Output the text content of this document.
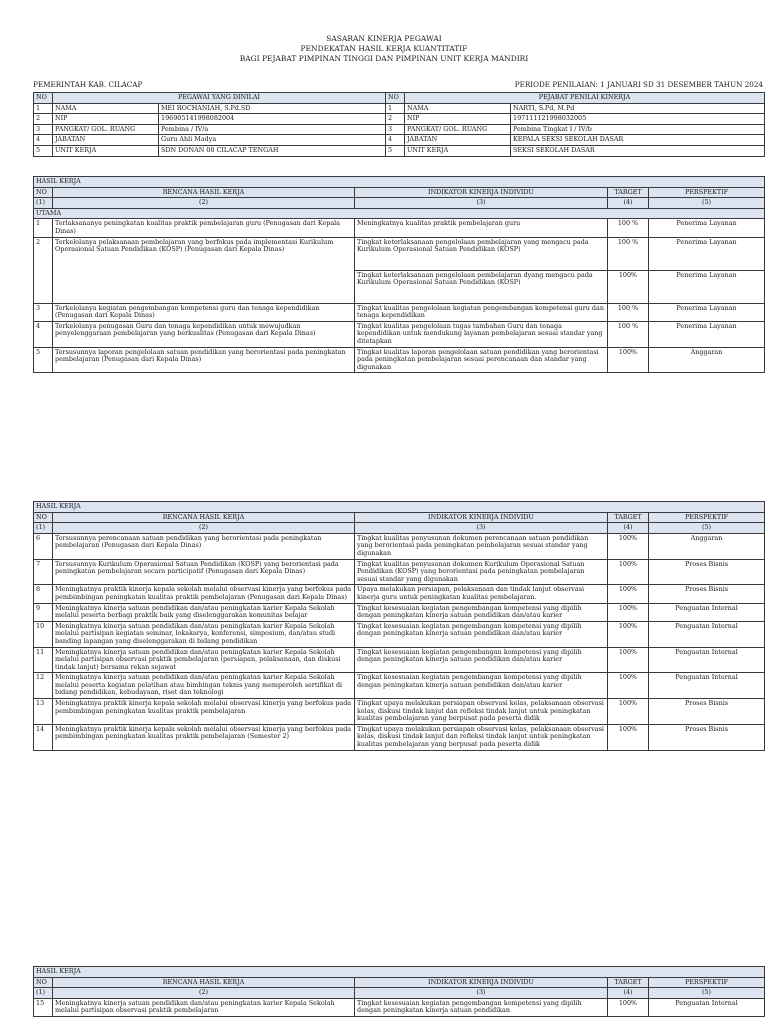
SASARAN KINERJA PEGAWAI
PENDEKATAN HASIL KERJA KUANTITATIF
BAGI PEJABAT PIMPINAN TINGGI DAN PIMPINAN UNIT KERJA MANDIRI
PEMERINTAH KAB. CILACAP	PERIODE PENILAIAN: 1 JANUARI SD 31 DESEMBER TAHUN 2024
NO	PEGAWAI YANG DINILAI		NO	PEJABAT PENILAI KINERJA	
1	NAMA	MEI ROCHANIAH, S.Pd.SD	1	NAMA	NARTI, S.Pd, M.Pd
2	NIP	196905141998082004	2	NIP	197111121998032005
3	PANGKAT/ GOL. RUANG	Pembina / IV/a	3	PANGKAT/ GOL. RUANG	Pembina Tingkat I / IV/b
4	JABATAN	Guru Ahli Madya	4	JABATAN	KEPALA SEKSI SEKOLAH DASAR
5	UNIT KERJA	SDN DONAN 08 CILACAP TENGAH	5	UNIT KERJA	SEKSI SEKOLAH DASAR
HASIL KERJA				
NO	RENCANA HASIL KERJA	INDIKATOR KINERJA INDIVIDU	TARGET	PERSPEKTIF
(1)	(2)	(3)	(4)	(5)
UTAMA				
1	Terlaksananya peningkatan kualitas praktik pembelajaran guru (Penugasan dari Kepala Dinas)	Meningkatnya kualitas praktik pembelajaran guru	100 %	Penerima Layanan
2	Terkelolanya pelaksanaan pembelajaran yang berfokus pada implementasi Kurikulum Operasional Satuan Pendidikan (KOSP) (Penugasan dari Kepala Dinas)	Tingkat keterlaksanaan pengelolaan pembelajaran yang mengacu pada Kurikulum Operasional Satuan Pendidikan (KOSP)	100 %	Penerima Layanan
		Tingkat keterlaksanaan pengelolaan pembelajaran dyang mengacu pada Kurikulum Operasional Satuan Pendidikan (KOSP)	100%	Penerima Layanan
3	Terkelolanya kegiatan pengembangan kompetensi guru dan tenaga kependidikan (Penugasan dari Kepala Dinas)	Tingkat kualitas pengelolaan kegiatan pengembangan kompetensi guru dan tenaga kependidikan	100 %	Penerima Layanan
4	Terkelolanya penugasan Guru dan tenaga kependidikan untuk mewujudkan penyelenggaraan pembelajaran yang berkualitas (Penugasan dari Kepala Dinas)	Tingkat kualitas pengelolaan tugas tambahan Guru dan tenaga kependidikan untuk mendukung layanan pembelajaran sesuai standar yang ditetapkan	100 %	Penerima Layanan
5	Tersusunnya laporan pengelolaan satuan pendidikan yang berorientasi pada peningkatan pembelajaran (Penugasan dari Kepala Dinas)	Tingkat kualitas laporan pengelolaan satuan pendidikan yang berorientasi pada peningkatan pembelajaran sesuai perencanaan dan standar yang digunakan	100%	Anggaran
HASIL KERJA				
NO	RENCANA HASIL KERJA	INDIKATOR KINERJA INDIVIDU	TARGET	PERSPEKTIF
(1)	(2)	(3)	(4)	(5)
6	Tersusunnya perencanaan satuan pendidikan yang berorientasi pada peningkatan pembelajaran (Penugasan dari Kepala Dinas)	Tingkat kualitas penyusunan dokumen perencanaan satuan pendidikan yang berorientasi pada peningkatan pembelajaran sesuai standar yang digunakan	100%	Anggaran
7	Tersusunnya Kurikulum Operasional Satuan Pendidikan (KOSP) yang berorientasi pada peningkatan pembelajaran secara participatif (Penugasan dari Kepala Dinas)	Tingkat kualitas penyusunan dokumen Kurikulum Operasional Satuan Pendidikan (KOSP) yang berorientasi pada peningkatan pembelajaran sesuai standar yang digunakan	100%	Proses Bisnis
8	Meningkatnya praktik kinerja kepala sekolah melalui observasi kinerja yang berfokus pada pembimbingan peningkatan kualitas praktik pembelajaran (Penugasan dari Kepala Dinas)	Upaya melakukan persiapan, pelaksanaan dan tindak lanjut observasi kinerja guru untuk peningkatan kualitas pembelajaran.	100%	Proses Bisnis
9	Meningkatnya kinerja satuan pendidikan dan/atau peningkatan karier Kepala Sekolah melalui peserta berbagi praktik baik yang diselenggarakan komunitas belajar	Tingkat kesesuaian kegiatan pengembangan kompetensi yang dipilih dengan peningkatan kinerja satuan pendidikan dan/atau karier	100%	Penguatan Internal
10	Meningkatnya kinerja satuan pendidikan dan/atau peningkatan karier Kepala Sekolah melalui partisipan kegiatan seminar, lokakarya, konferensi, simposium, dan/atau studi banding lapangan yang diselenggarakan di bidang pendidikan	Tingkat kesesuaian kegiatan pengembangan kompetensi yang dipilih dengan peningkatan kinerja satuan pendidikan dan/atau karier	100%	Penguatan Internal
11	Meningkatnya kinerja satuan pendidikan dan/atau peningkatan karier Kepala Sekolah melalui partisipan observasi praktik pembelajaran (persiapan, pelaksanaan, dan diskusi tindak lanjut) bersama rekan sejawat	Tingkat kesesuaian kegiatan pengembangan kompetensi yang dipilih dengan peningkatan kinerja satuan pendidikan dan/atau karier	100%	Penguatan Internal
12	Meningkatnya kinerja satuan pendidikan dan/atau peningkatan karier Kepala Sekolah melalui peserta kegiatan pelatihan atau bimbingan teknis yang memperoleh sertifikat di bidang pendidikan, kebudayaan, riset dan teknologi	Tingkat kesesuaian kegiatan pengembangan kompetensi yang dipilih dengan peningkatan kinerja satuan pendidikan dan/atau karier	100%	Penguatan Internal
13	Meningkatnya praktik kinerja kepala sekolah melalui observasi kinerja yang berfokus pada pembimbingan peningkatan kualitas praktik pembelajaran	Tingkat upaya melakukan persiapan observasi kelas, pelaksanaan observasi kelas, diskusi tindak lanjut dan refleksi tindak lanjut untuk peningkatan kualitas pembelajaran yang berpusat pada peserta didik	100%	Proses Bisnis
14	Meningkatnya praktik kinerja kepala sekolah melalui observasi kinerja yang berfokus pada pembimbingan peningkatan kualitas praktik pembelajaran (Semester 2)	Tingkat upaya melakukan persiapan observasi kelas, pelaksanaan observasi kelas, diskusi tindak lanjut dan refleksi tindak lanjut untuk peningkatan kualitas pembelajaran yang berpusat pada peserta didik	100%	Proses Bisnis
HASIL KERJA				
NO	RENCANA HASIL KERJA	INDIKATOR KINERJA INDIVIDU	TARGET	PERSPEKTIF
(1)	(2)	(3)	(4)	(5)
15	Meningkatnya kinerja satuan pendidikan dan/atau peningkatan karier Kepala Sekolah melalui partisipan observasi praktik pembelajaran	Tingkat kesesuaian kegiatan pengembangan kompetensi yang dipilih dengan peningkatan kinerja satuan pendidikan	100%	Penguatan Internal
